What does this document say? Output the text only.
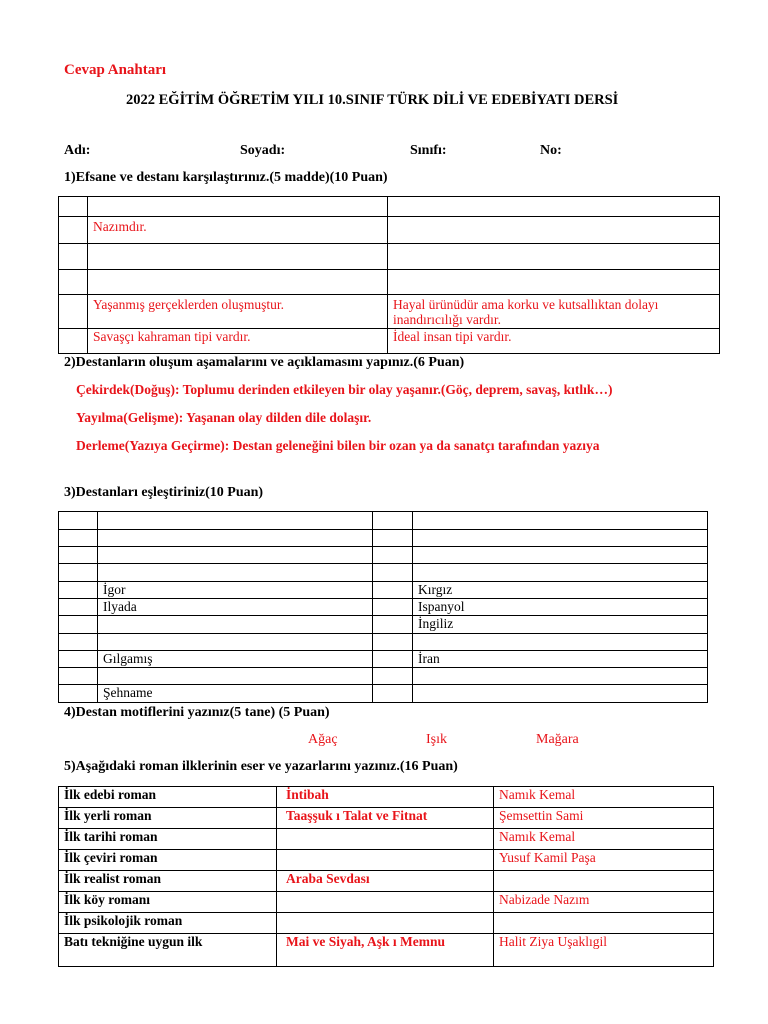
Cevap Anahtarı
2022 EĞİTİM ÖĞRETİM YILI 10.SINIF TÜRK DİLİ VE EDEBİYATI DERSİ
Adı:	Soyadı:	Sınıfı:	No:
1)Efsane ve destanı karşılaştırınız.(5 madde)(10 Puan)

	Nazımdır.	

	Yaşanmış gerçeklerden oluşmuştur.	Hayal ürünüdür ama korku ve kutsallıktan dolayı inandırıcılığı vardır.
	Savaşçı kahraman tipi vardır.	İdeal insan tipi vardır.
2)Destanların oluşum aşamalarını ve açıklamasını yapınız.(6 Puan)
Çekirdek(Doğuş): Toplumu derinden etkileyen bir olay yaşanır.(Göç, deprem, savaş, kıtlık…)
Yayılma(Gelişme): Yaşanan olay dilden dile dolaşır.
Derleme(Yazıya Geçirme): Destan geleneğini bilen bir ozan ya da sanatçı tarafından yazıya
3)Destanları eşleştiriniz(10 Puan)

	İgor		Kırgız
	Ilyada		Ispanyol
			İngiliz

	Gılgamış		İran

	Şehname		
4)Destan motiflerini yazınız(5 tane) (5 Puan)
Ağaç	Işık	Mağara
5)Aşağıdaki roman ilklerinin eser ve yazarlarını yazınız.(16 Puan)
İlk edebi roman	İntibah	Namık Kemal
İlk yerli roman	Taaşşuk ı Talat ve Fitnat	Şemsettin Sami
İlk tarihi roman		Namık Kemal
İlk çeviri roman		Yusuf Kamil Paşa
İlk realist roman	Araba Sevdası	
İlk köy romanı		Nabizade Nazım
İlk psikolojik roman		
Batı tekniğine uygun ilk	Mai ve Siyah, Aşk ı Memnu	Halit Ziya Uşaklıgil
